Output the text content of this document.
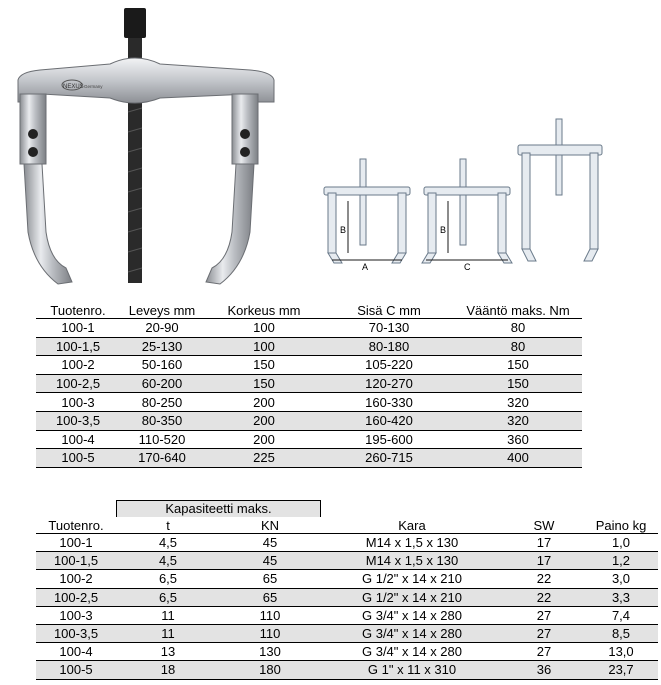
NEXUS Germany
B
A
B
C
Tuotenro.	Leveys mm	Korkeus mm	Sisä C mm	Vääntö maks. Nm
100-1	20-90	100	70-130	80
100-1,5	25-130	100	80-180	80
100-2	50-160	150	105-220	150
100-2,5	60-200	150	120-270	150
100-3	80-250	200	160-330	320
100-3,5	80-350	200	160-420	320
100-4	110-520	200	195-600	360
100-5	170-640	225	260-715	400
Kapasiteetti maks.
Tuotenro.	t	KN	Kara	SW	Paino kg
100-1	4,5	45	M14 x 1,5 x 130	17	1,0
100-1,5	4,5	45	M14 x 1,5 x 130	17	1,2
100-2	6,5	65	G 1/2" x 14 x 210	22	3,0
100-2,5	6,5	65	G 1/2" x 14 x 210	22	3,3
100-3	11	110	G 3/4" x 14 x 280	27	7,4
100-3,5	11	110	G 3/4" x 14 x 280	27	8,5
100-4	13	130	G 3/4" x 14 x 280	27	13,0
100-5	18	180	G 1" x 11 x 310	36	23,7
